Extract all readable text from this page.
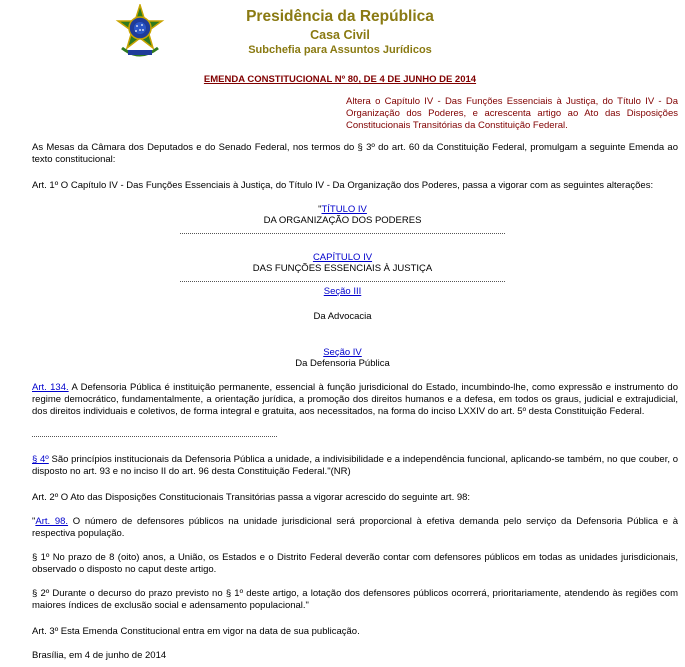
Presidência da República
Casa Civil
Subchefia para Assuntos Jurídicos
EMENDA CONSTITUCIONAL Nº 80, DE 4 DE JUNHO DE 2014
Altera o Capítulo IV - Das Funções Essenciais à Justiça, do Título IV - Da Organização dos Poderes, e acrescenta artigo ao Ato das Disposições Constitucionais Transitórias da Constituição Federal.
As Mesas da Câmara dos Deputados e do Senado Federal, nos termos do § 3º do art. 60 da Constituição Federal, promulgam a seguinte Emenda ao texto constitucional:
Art. 1º O Capítulo IV - Das Funções Essenciais à Justiça, do Título IV - Da Organização dos Poderes, passa a vigorar com as seguintes alterações:
"TÍTULO IV
DA ORGANIZAÇÃO DOS PODERES
CAPÍTULO IV
DAS FUNÇÕES ESSENCIAIS À JUSTIÇA
Seção III
Da Advocacia
Seção IV
Da Defensoria Pública
Art. 134. A Defensoria Pública é instituição permanente, essencial à função jurisdicional do Estado, incumbindo-lhe, como expressão e instrumento do regime democrático, fundamentalmente, a orientação jurídica, a promoção dos direitos humanos e a defesa, em todos os graus, judicial e extrajudicial, dos direitos individuais e coletivos, de forma integral e gratuita, aos necessitados, na forma do inciso LXXIV do art. 5º desta Constituição Federal.
§ 4º São princípios institucionais da Defensoria Pública a unidade, a indivisibilidade e a independência funcional, aplicando-se também, no que couber, o disposto no art. 93 e no inciso II do art. 96 desta Constituição Federal."(NR)
Art. 2º O Ato das Disposições Constitucionais Transitórias passa a vigorar acrescido do seguinte art. 98:
"Art. 98. O número de defensores públicos na unidade jurisdicional será proporcional à efetiva demanda pelo serviço da Defensoria Pública e à respectiva população.
§ 1º No prazo de 8 (oito) anos, a União, os Estados e o Distrito Federal deverão contar com defensores públicos em todas as unidades jurisdicionais, observado o disposto no caput deste artigo.
§ 2º Durante o decurso do prazo previsto no § 1º deste artigo, a lotação dos defensores públicos ocorrerá, prioritariamente, atendendo às regiões com maiores índices de exclusão social e adensamento populacional."
Art. 3º Esta Emenda Constitucional entra em vigor na data de sua publicação.
Brasília, em 4 de junho de 2014
